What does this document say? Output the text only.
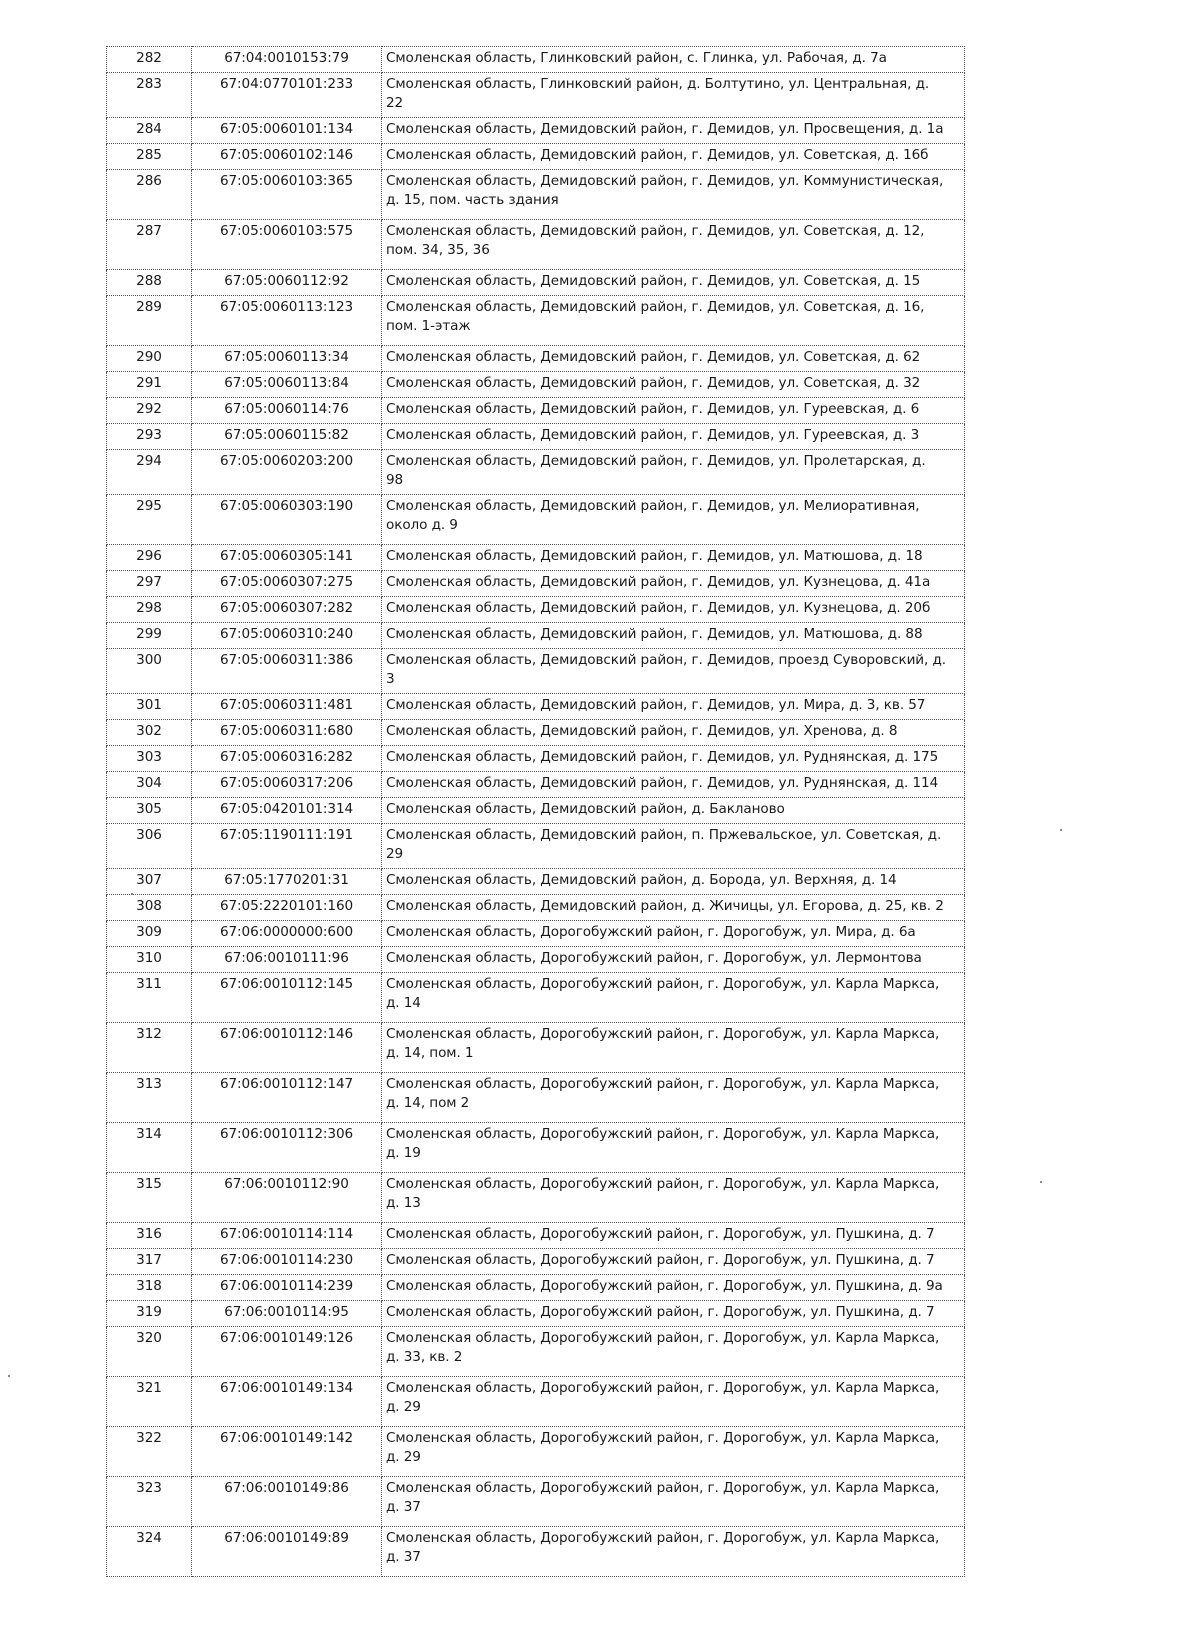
282	67:04:0010153:79	Смоленская область, Глинковский район, с. Глинка, ул. Рабочая, д. 7а
283	67:04:0770101:233	Смоленская область, Глинковский район, д. Болтутино, ул. Центральная, д. 22
284	67:05:0060101:134	Смоленская область, Демидовский район, г. Демидов, ул. Просвещения, д. 1а
285	67:05:0060102:146	Смоленская область, Демидовский район, г. Демидов, ул. Советская, д. 16б
286	67:05:0060103:365	Смоленская область, Демидовский район, г. Демидов, ул. Коммунистическая, д. 15, пом. часть здания
287	67:05:0060103:575	Смоленская область, Демидовский район, г. Демидов, ул. Советская, д. 12, пом. 34, 35, 36
288	67:05:0060112:92	Смоленская область, Демидовский район, г. Демидов, ул. Советская, д. 15
289	67:05:0060113:123	Смоленская область, Демидовский район, г. Демидов, ул. Советская, д. 16, пом. 1-этаж
290	67:05:0060113:34	Смоленская область, Демидовский район, г. Демидов, ул. Советская, д. 62
291	67:05:0060113:84	Смоленская область, Демидовский район, г. Демидов, ул. Советская, д. 32
292	67:05:0060114:76	Смоленская область, Демидовский район, г. Демидов, ул. Гуреевская, д. 6
293	67:05:0060115:82	Смоленская область, Демидовский район, г. Демидов, ул. Гуреевская, д. 3
294	67:05:0060203:200	Смоленская область, Демидовский район, г. Демидов, ул. Пролетарская, д. 98
295	67:05:0060303:190	Смоленская область, Демидовский район, г. Демидов, ул. Мелиоративная, около д. 9
296	67:05:0060305:141	Смоленская область, Демидовский район, г. Демидов, ул. Матюшова, д. 18
297	67:05:0060307:275	Смоленская область, Демидовский район, г. Демидов, ул. Кузнецова, д. 41а
298	67:05:0060307:282	Смоленская область, Демидовский район, г. Демидов, ул. Кузнецова, д. 20б
299	67:05:0060310:240	Смоленская область, Демидовский район, г. Демидов, ул. Матюшова, д. 88
300	67:05:0060311:386	Смоленская область, Демидовский район, г. Демидов, проезд Суворовский, д. 3
301	67:05:0060311:481	Смоленская область, Демидовский район, г. Демидов, ул. Мира, д. 3, кв. 57
302	67:05:0060311:680	Смоленская область, Демидовский район, г. Демидов, ул. Хренова, д. 8
303	67:05:0060316:282	Смоленская область, Демидовский район, г. Демидов, ул. Руднянская, д. 175
304	67:05:0060317:206	Смоленская область, Демидовский район, г. Демидов, ул. Руднянская, д. 114
305	67:05:0420101:314	Смоленская область, Демидовский район, д. Бакланово
306	67:05:1190111:191	Смоленская область, Демидовский район, п. Пржевальское, ул. Советская, д. 29
307	67:05:1770201:31	Смоленская область, Демидовский район, д. Борода, ул. Верхняя, д. 14
308	67:05:2220101:160	Смоленская область, Демидовский район, д. Жичицы, ул. Егорова, д. 25, кв. 2
309	67:06:0000000:600	Смоленская область, Дорогобужский район, г. Дорогобуж, ул. Мира, д. 6а
310	67:06:0010111:96	Смоленская область, Дорогобужский район, г. Дорогобуж, ул. Лермонтова
311	67:06:0010112:145	Смоленская область, Дорогобужский район, г. Дорогобуж, ул. Карла Маркса, д. 14
312	67:06:0010112:146	Смоленская область, Дорогобужский район, г. Дорогобуж, ул. Карла Маркса, д. 14, пом. 1
313	67:06:0010112:147	Смоленская область, Дорогобужский район, г. Дорогобуж, ул. Карла Маркса, д. 14, пом 2
314	67:06:0010112:306	Смоленская область, Дорогобужский район, г. Дорогобуж, ул. Карла Маркса, д. 19
315	67:06:0010112:90	Смоленская область, Дорогобужский район, г. Дорогобуж, ул. Карла Маркса, д. 13
316	67:06:0010114:114	Смоленская область, Дорогобужский район, г. Дорогобуж, ул. Пушкина, д. 7
317	67:06:0010114:230	Смоленская область, Дорогобужский район, г. Дорогобуж, ул. Пушкина, д. 7
318	67:06:0010114:239	Смоленская область, Дорогобужский район, г. Дорогобуж, ул. Пушкина, д. 9а
319	67:06:0010114:95	Смоленская область, Дорогобужский район, г. Дорогобуж, ул. Пушкина, д. 7
320	67:06:0010149:126	Смоленская область, Дорогобужский район, г. Дорогобуж, ул. Карла Маркса, д. 33, кв. 2
321	67:06:0010149:134	Смоленская область, Дорогобужский район, г. Дорогобуж, ул. Карла Маркса, д. 29
322	67:06:0010149:142	Смоленская область, Дорогобужский район, г. Дорогобуж, ул. Карла Маркса, д. 29
323	67:06:0010149:86	Смоленская область, Дорогобужский район, г. Дорогобуж, ул. Карла Маркса, д. 37
324	67:06:0010149:89	Смоленская область, Дорогобужский район, г. Дорогобуж, ул. Карла Маркса, д. 37
